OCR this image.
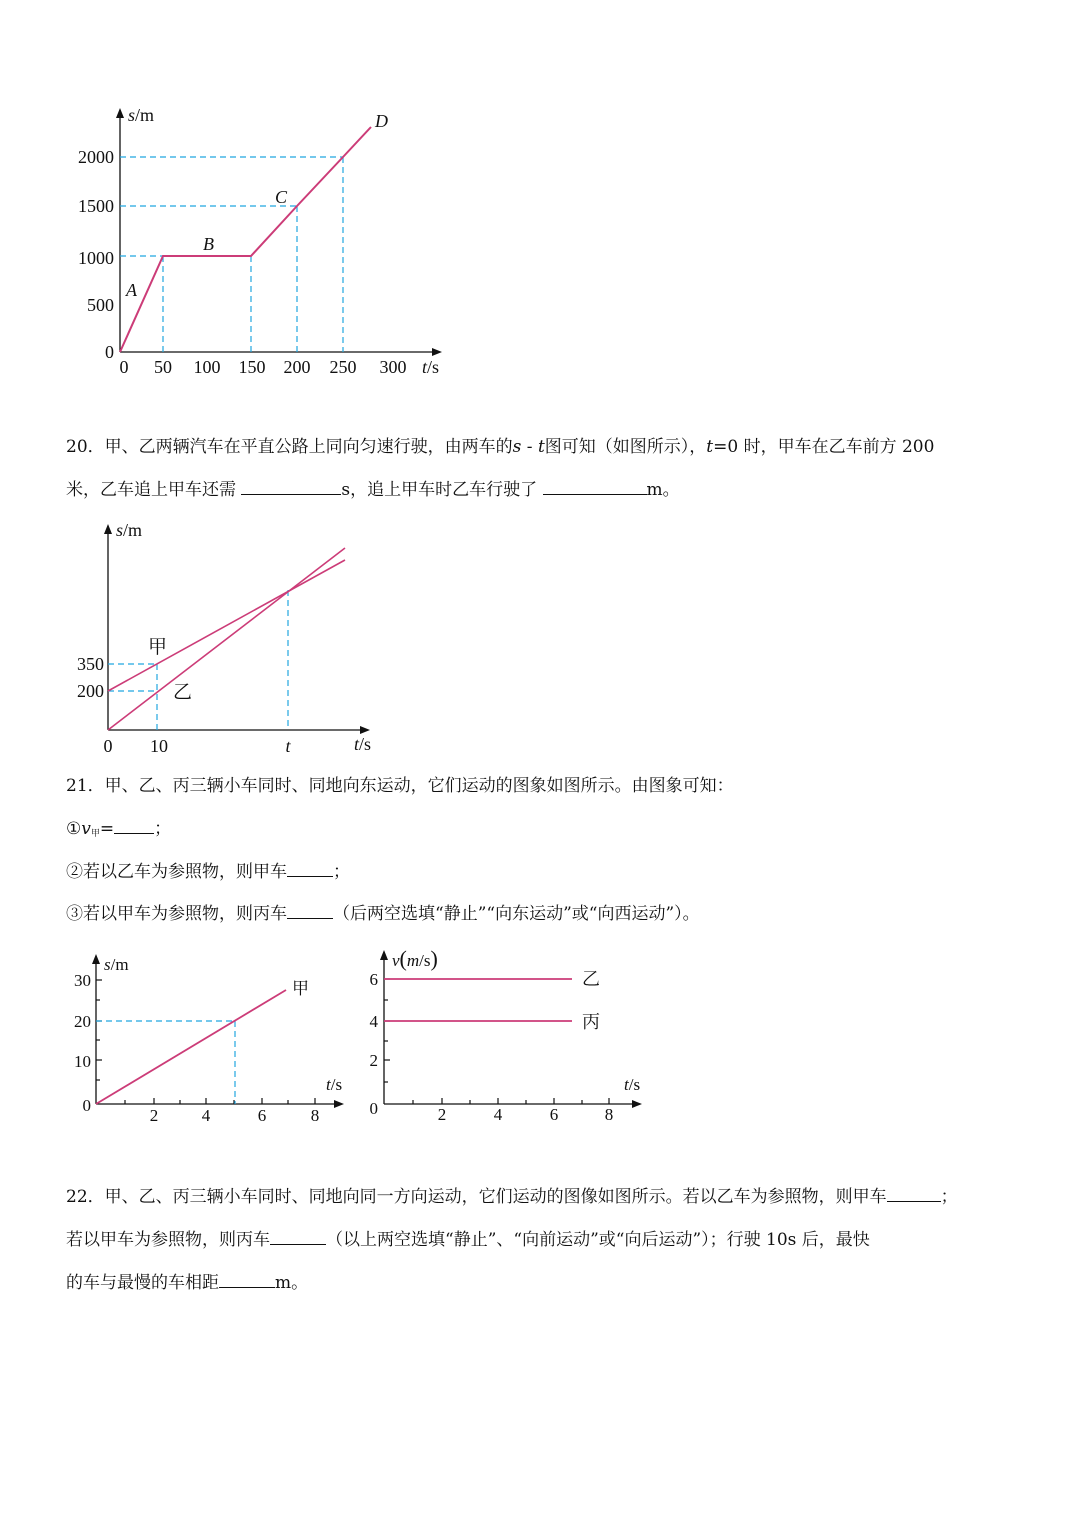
s/m
t/s
0
500
1000
1500
2000
0 50 100 150 200 250 300
A
B
C
D
20．甲、乙两辆汽车在平直公路上同向匀速行驶，由两车的s - t图可知（如图所示），t=0 时，甲车在乙车前方 200
米，乙车追上甲车还需	s，追上甲车时乙车行驶了	m。
s/m
t/s
350
200
0 10	t
甲
乙
21．甲、乙、丙三辆小车同时、同地向东运动，它们运动的图象如图所示。由图象可知：
$①v_甲=$ ；
②若以乙车为参照物，则甲车	；
③若以甲车为参照物，则丙车	（后两空选填“静止”“向东运动”或“向西运动”）。
s/m
t/s
0
10
20
30
2	4	6	8
甲
v(m/s)
t/s
0
2
4
6
2	4	6	8
乙
丙
22．甲、乙、丙三辆小车同时、同地向同一方向运动，它们运动的图像如图所示。若以乙车为参照物，则甲车	；
若以甲车为参照物，则丙车	（以上两空选填“静止”、“向前运动”或“向后运动”）；行驶 10s 后，最快
的车与最慢的车相距	m。
